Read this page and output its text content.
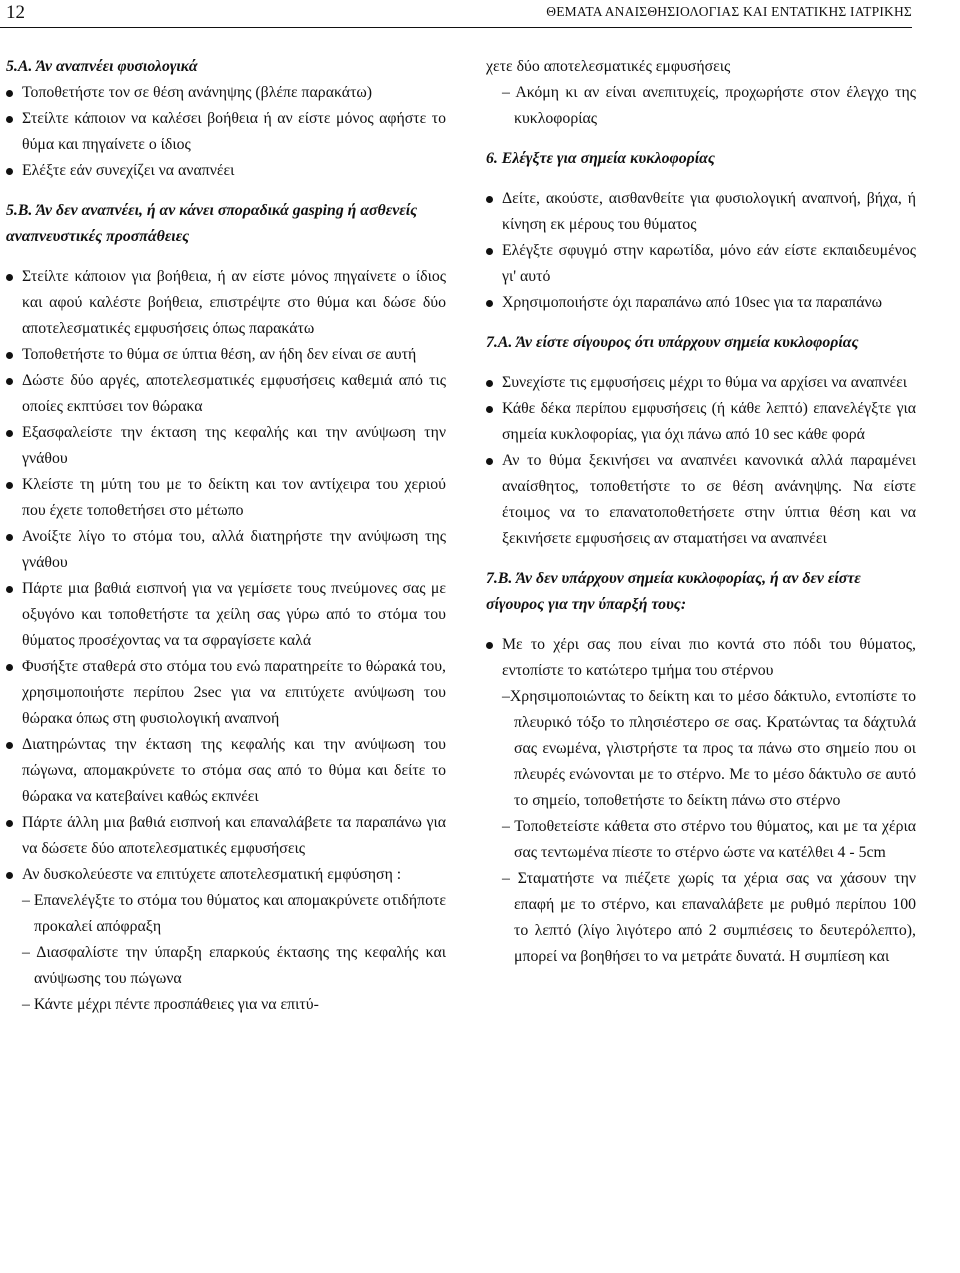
12	ΘΕΜΑΤΑ ΑΝΑΙΣΘΗΣΙΟΛΟΓΙΑΣ ΚΑΙ ΕΝΤΑΤΙΚΗΣ ΙΑΤΡΙΚΗΣ

5.Α. Άν αναπνέει φυσιολογικά

Τοποθετήστε τον σε θέση ανάνηψης (βλέπε παρακάτω)
Στείλτε κάποιον να καλέσει βοήθεια ή αν είστε μόνος αφήστε το θύμα και πηγαίνετε ο ίδιος
Ελέξτε εάν συνεχίζει να αναπνέει

5.Β. Άν δεν αναπνέει, ή αν κάνει σποραδικά gasping ή ασθενείς αναπνευστικές προσπάθειες

Στείλτε κάποιον για βοήθεια, ή αν είστε μόνος πηγαίνετε ο ίδιος και αφού καλέστε βοήθεια, επιστρέψτε στο θύμα και δώσε δύο αποτελεσματικές εμφυσήσεις όπως παρακάτω
Τοποθετήστε το θύμα σε ύπτια θέση, αν ήδη δεν είναι σε αυτή
Δώστε δύο αργές, αποτελεσματικές εμφυσήσεις καθεμιά από τις οποίες εκπτύσει τον θώρακα
Εξασφαλείστε την έκταση της κεφαλής και την ανύψωση την γνάθου
Κλείστε τη μύτη του με το δείκτη και τον αντίχειρα του χεριού που έχετε τοποθετήσει στο μέτωπο
Ανοίξτε λίγο το στόμα του, αλλά διατηρήστε την ανύψωση της γνάθου
Πάρτε μια βαθιά εισπνοή για να γεμίσετε τους πνεύμονες σας με οξυγόνο και τοποθετήστε τα χείλη σας γύρω από το στόμα του θύματος προσέχοντας να τα σφραγίσετε καλά
Φυσήξτε σταθερά στο στόμα του ενώ παρατηρείτε το θώρακά του, χρησιμοποιήστε περίπου 2sec για να επιτύχετε ανύψωση του θώρακα όπως στη φυσιολογική αναπνοή
Διατηρώντας την έκταση της κεφαλής και την ανύψωση του πώγωνα, απομακρύνετε το στόμα σας από το θύμα και δείτε το θώρακα να κατεβαίνει καθώς εκπνέει
Πάρτε άλλη μια βαθιά εισπνοή και επαναλάβετε τα παραπάνω για να δώσετε δύο αποτελεσματικές εμφυσήσεις
Αν δυσκολεύεστε να επιτύχετε αποτελεσματική εμφύσηση :
– Επανελέγξτε το στόμα του θύματος και απομακρύνετε οτιδήποτε προκαλεί απόφραξη
– Διασφαλίστε την ύπαρξη επαρκούς έκτασης της κεφαλής και ανύψωσης του πώγωνα
– Κάντε μέχρι πέντε προσπάθειες για να επιτύ-
χετε δύο αποτελεσματικές εμφυσήσεις
– Ακόμη κι αν είναι ανεπιτυχείς, προχωρήστε στον έλεγχο της κυκλοφορίας

6. Ελέγξτε για σημεία κυκλοφορίας

Δείτε, ακούστε, αισθανθείτε για φυσιολογική αναπνοή, βήχα, ή κίνηση εκ μέρους του θύματος
Ελέγξτε σφυγμό στην καρωτίδα, μόνο εάν είστε εκπαιδευμένος γι' αυτό
Χρησιμοποιήστε όχι παραπάνω από 10sec για τα παραπάνω

7.Α. Άν είστε σίγουρος ότι υπάρχουν σημεία κυκλοφορίας

Συνεχίστε τις εμφυσήσεις μέχρι το θύμα να αρχίσει να αναπνέει
Κάθε δέκα περίπου εμφυσήσεις (ή κάθε λεπτό) επανελέγξτε για σημεία κυκλοφορίας, για όχι πάνω από 10 sec κάθε φορά
Αν το θύμα ξεκινήσει να αναπνέει κανονικά αλλά παραμένει αναίσθητος, τοποθετήστε το σε θέση ανάνηψης. Να είστε έτοιμος να το επανατοποθετήσετε στην ύπτια θέση και να ξεκινήσετε εμφυσήσεις αν σταματήσει να αναπνέει

7.Β. Άν δεν υπάρχουν σημεία κυκλοφορίας, ή αν δεν είστε σίγουρος για την ύπαρξή τους:

Με το χέρι σας που είναι πιο κοντά στο πόδι του θύματος, εντοπίστε το κατώτερο τμήμα του στέρνου
–Χρησιμοποιώντας το δείκτη και το μέσο δάκτυλο, εντοπίστε το πλευρικό τόξο το πλησιέστερο σε σας. Κρατώντας τα δάχτυλά σας ενωμένα, γλιστρήστε τα προς τα πάνω στο σημείο που οι πλευρές ενώνονται με το στέρνο. Με το μέσο δάκτυλο σε αυτό το σημείο, τοποθετήστε το δείκτη πάνω στο στέρνο
– Τοποθετείστε κάθετα στο στέρνο του θύματος, και με τα χέρια σας τεντωμένα πίεστε το στέρνο ώστε να κατέλθει 4 - 5cm
– Σταματήστε να πιέζετε χωρίς τα χέρια σας να χάσουν την επαφή με το στέρνο, και επαναλάβετε με ρυθμό περίπου 100 το λεπτό (λίγο λιγότερο από 2 συμπιέσεις το δευτερόλεπτο), μπορεί να βοηθήσει το να μετράτε δυνατά. Η συμπίεση και
